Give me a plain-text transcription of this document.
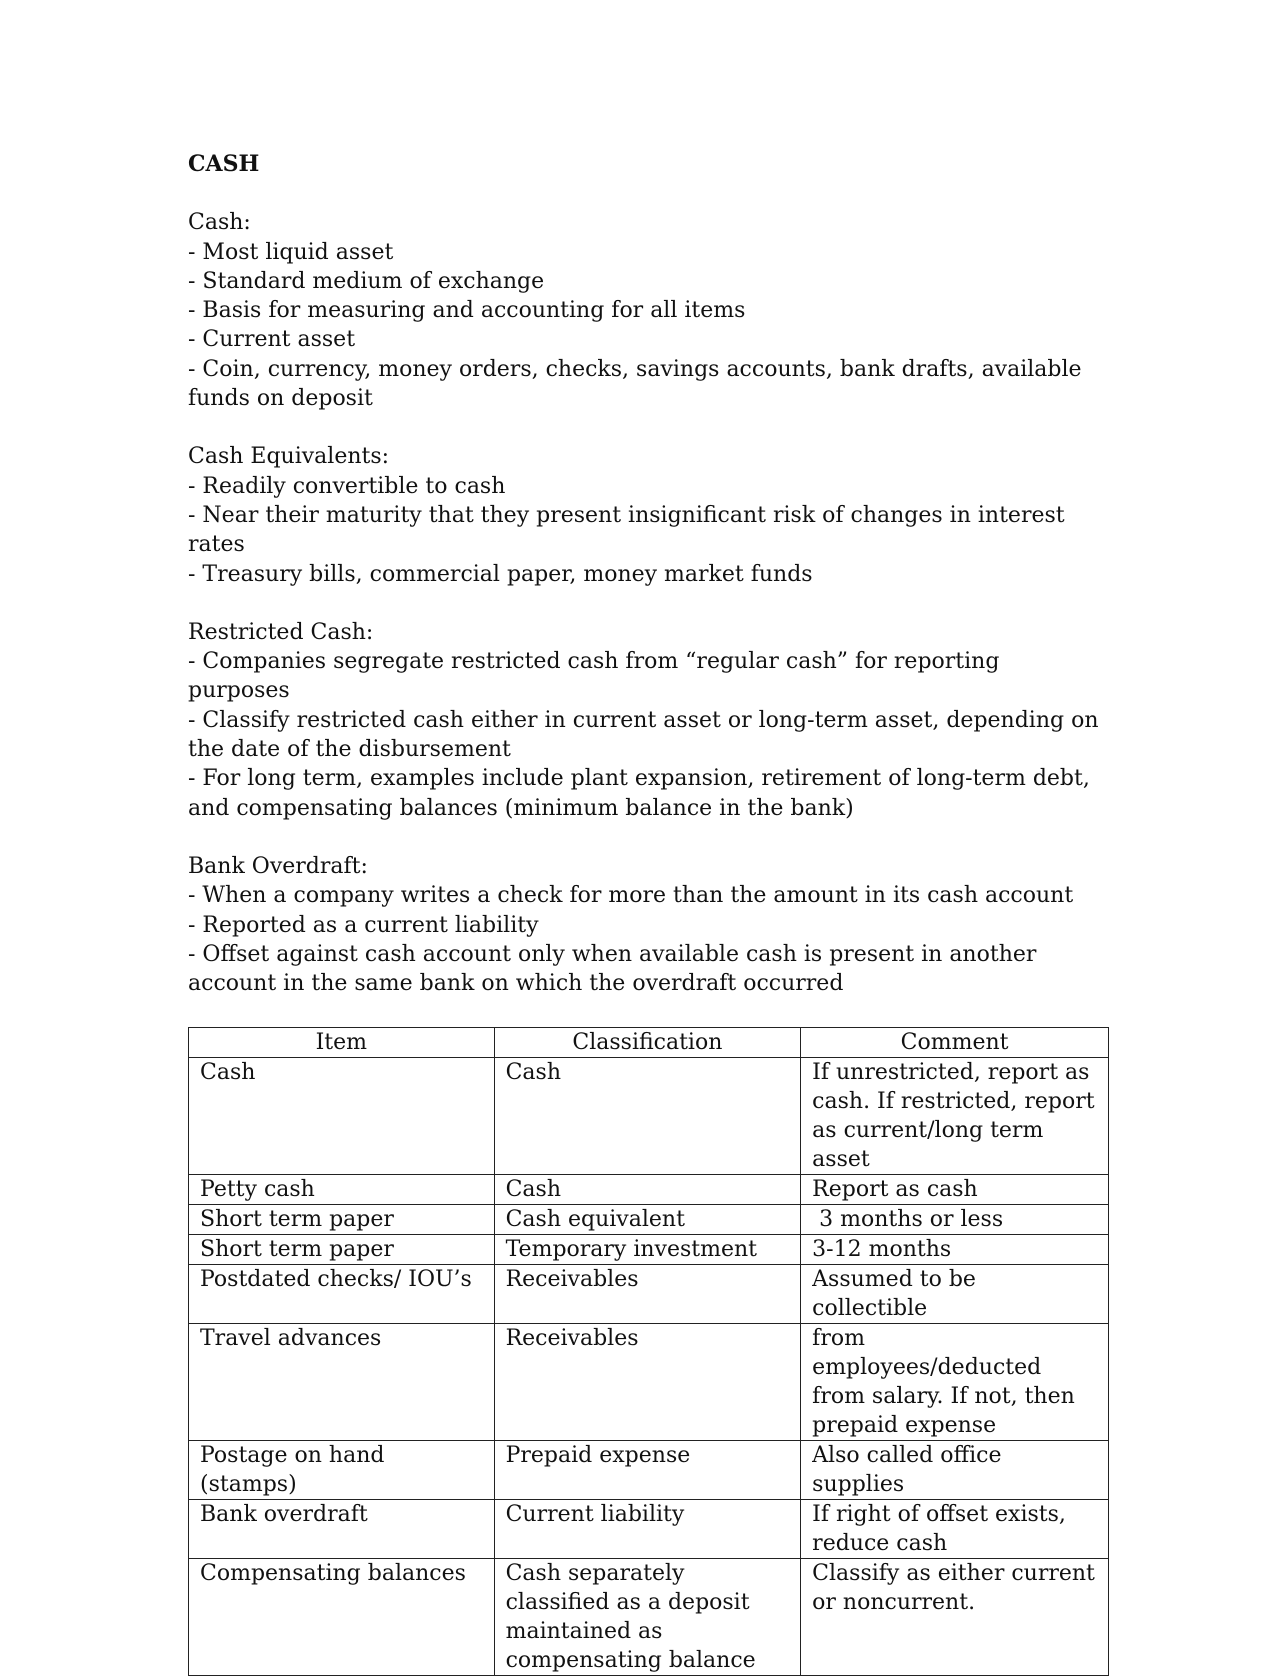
CASH
Cash:
- Most liquid asset
- Standard medium of exchange
- Basis for measuring and accounting for all items
- Current asset
- Coin, currency, money orders, checks, savings accounts, bank drafts, available funds on deposit
Cash Equivalents:
- Readily convertible to cash
- Near their maturity that they present insignificant risk of changes in interest rates
- Treasury bills, commercial paper, money market funds
Restricted Cash:
- Companies segregate restricted cash from “regular cash” for reporting purposes
- Classify restricted cash either in current asset or long-term asset, depending on the date of the disbursement
- For long term, examples include plant expansion, retirement of long-term debt, and compensating balances (minimum balance in the bank)
Bank Overdraft:
- When a company writes a check for more than the amount in its cash account
- Reported as a current liability
- Offset against cash account only when available cash is present in another account in the same bank on which the overdraft occurred
Item	Classification	Comment
Cash	Cash	If unrestricted, report as cash. If restricted, report as current/long term asset
Petty cash	Cash	Report as cash
Short term paper	Cash equivalent	3 months or less
Short term paper	Temporary investment	3-12 months
Postdated checks/ IOU’s	Receivables	Assumed to be collectible
Travel advances	Receivables	from employees/deducted from salary. If not, then prepaid expense
Postage on hand (stamps)	Prepaid expense	Also called office supplies
Bank overdraft	Current liability	If right of offset exists, reduce cash
Compensating balances	Cash separately classified as a deposit maintained as compensating balance	Classify as either current or noncurrent.
